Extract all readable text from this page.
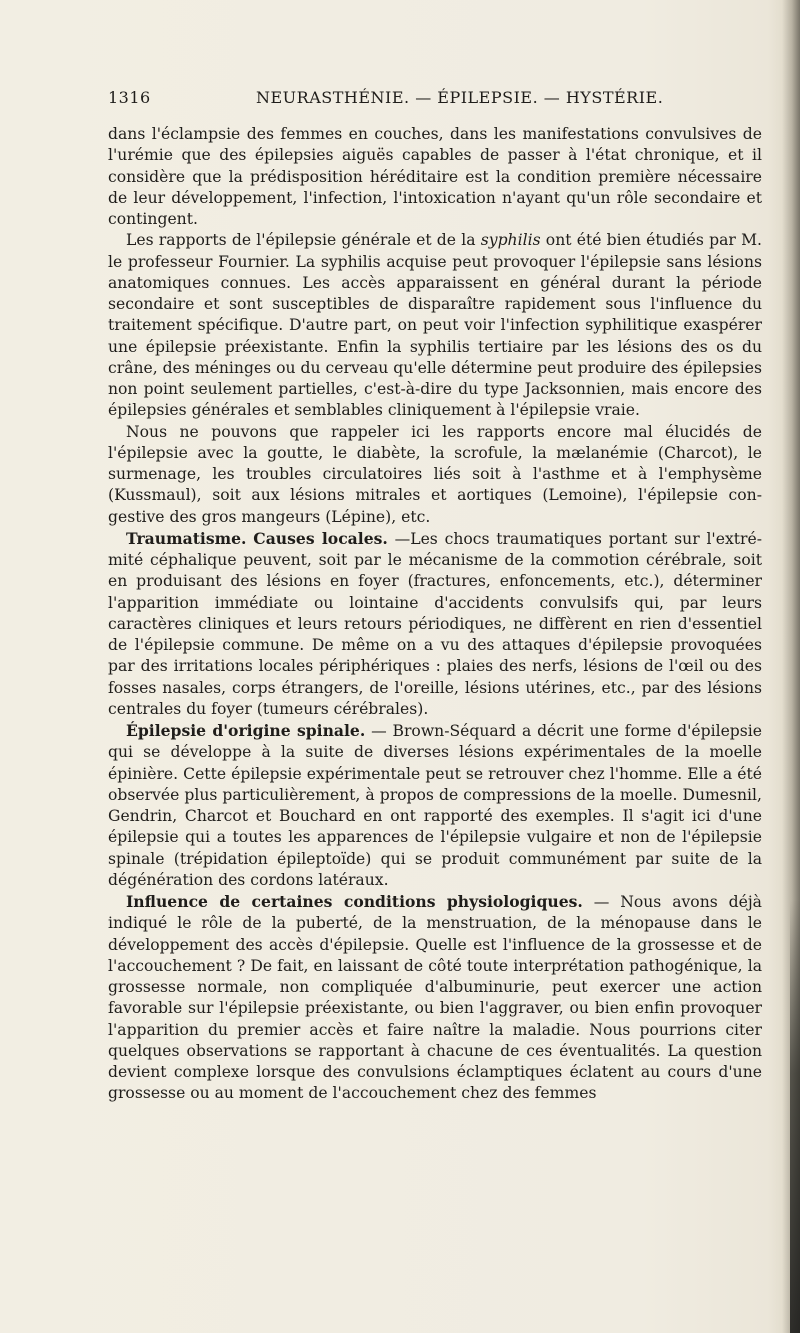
1316	NEURASTHÉNIE. — ÉPILEPSIE. — HYSTÉRIE.

dans l'éclampsie des femmes en couches, dans les manifestations convulsives de l'urémie que des épilepsies aiguës capables de passer à l'état chronique, et il considère que la prédisposition héréditaire est la condition première nécessaire de leur développement, l'infection, l'intoxication n'ayant qu'un rôle secondaire et contingent.

Les rapports de l'épilepsie générale et de la syphilis ont été bien étudiés par M. le professeur Fournier. La syphilis acquise peut provoquer l'épilepsie sans lésions anatomiques connues. Les accès apparaissent en général durant la période secondaire et sont susceptibles de disparaître rapidement sous l'influence du traitement spécifique. D'autre part, on peut voir l'infection syphilitique exaspérer une épilepsie préexistante. Enfin la syphilis tertiaire par les lésions des os du crâne, des méninges ou du cerveau qu'elle détermine peut produire des épilepsies non point seulement partielles, c'est-à-dire du type Jacksonnien, mais encore des épilepsies générales et semblables cliniquement à l'épilepsie vraie.

Nous ne pouvons que rappeler ici les rapports encore mal élucidés de l'épilepsie avec la goutte, le diabète, la scrofule, la mælanémie (Charcot), le surmenage, les troubles circulatoires liés soit à l'asthme et à l'emphysème (Kussmaul), soit aux lésions mitrales et aortiques (Lemoine), l'épilepsie congestive des gros mangeurs (Lépine), etc.

Traumatisme. Causes locales. —Les chocs traumatiques portant sur l'extrémité céphalique peuvent, soit par le mécanisme de la commotion cérébrale, soit en produisant des lésions en foyer (fractures, enfoncements, etc.), déterminer l'apparition immédiate ou lointaine d'accidents convulsifs qui, par leurs caractères cliniques et leurs retours périodiques, ne diffèrent en rien d'essentiel de l'épilepsie commune. De même on a vu des attaques d'épilepsie provoquées par des irritations locales périphériques : plaies des nerfs, lésions de l'œil ou des fosses nasales, corps étrangers, de l'oreille, lésions utérines, etc., par des lésions centrales du foyer (tumeurs cérébrales).

Épilepsie d'origine spinale. — Brown-Séquard a décrit une forme d'épilepsie qui se développe à la suite de diverses lésions expérimentales de la moelle épinière. Cette épilepsie expérimentale peut se retrouver chez l'homme. Elle a été observée plus particulièrement, à propos de compressions de la moelle. Dumesnil, Gendrin, Charcot et Bouchard en ont rapporté des exemples. Il s'agit ici d'une épilepsie qui a toutes les apparences de l'épilepsie vulgaire et non de l'épilepsie spinale (trépidation épileptoïde) qui se produit communément par suite de la dégénération des cordons latéraux.

Influence de certaines conditions physiologiques. — Nous avons déjà indiqué le rôle de la puberté, de la menstruation, de la ménopause dans le développement des accès d'épilepsie. Quelle est l'influence de la grossesse et de l'accouchement ? De fait, en laissant de côté toute interprétation pathogénique, la grossesse normale, non compliquée d'albuminurie, peut exercer une action favorable sur l'épilepsie préexistante, ou bien l'aggraver, ou bien enfin provoquer l'apparition du premier accès et faire naître la maladie. Nous pourrions citer quelques observations se rapportant à chacune de ces éventualités. La question devient complexe lorsque des convulsions éclamptiques éclatent au cours d'une grossesse ou au moment de l'accouchement chez des femmes
